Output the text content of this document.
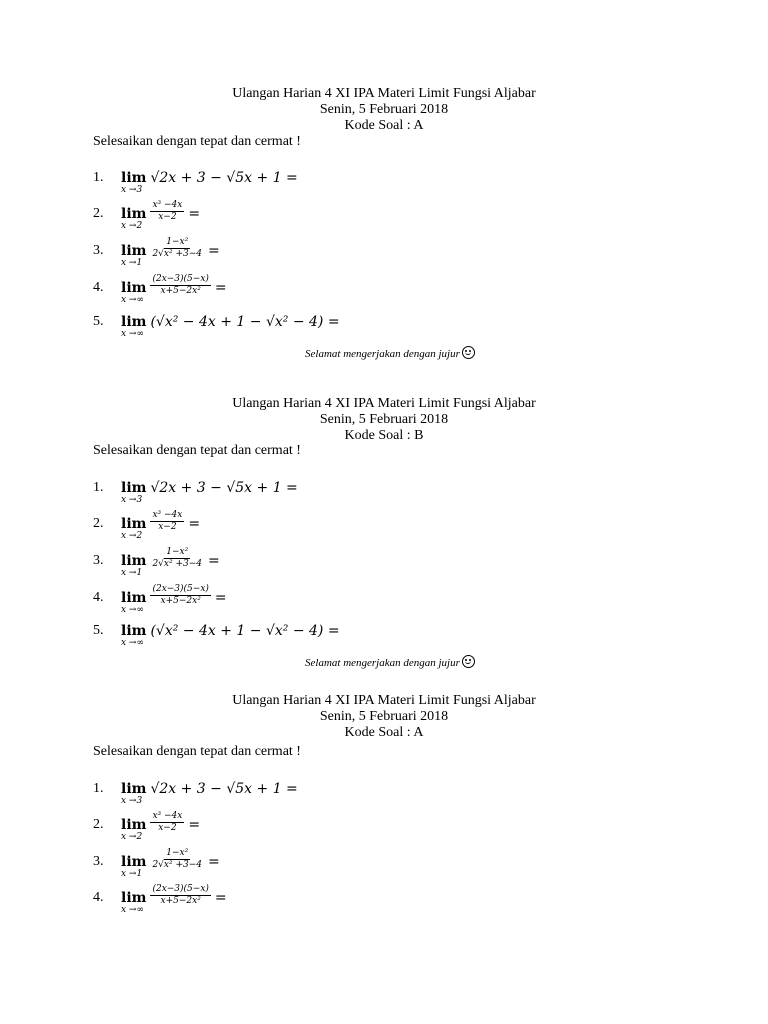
Ulangan Harian 4 XI IPA Materi Limit Fungsi Aljabar
Senin, 5 Februari 2018
Kode Soal : A
Selesaikan dengan tepat dan cermat !
1.	lim
x →3
√2x + 3 − √5x + 1 =
2.	lim
x →2
$\frac{\text{x³ −4x}}{x-2}$ =
3.	lim
x →1
$\frac{\text{1−x²}}{\text{2√x² +3−4}}$ =
4.	lim
x →∞
$\frac{(2x-3)(5-x)}{\text{x+5−2x²}}$ =
5.	lim
x →∞
(√x² − 4x + 1 − √x² − 4) =
Selamat mengerjakan dengan jujur
Ulangan Harian 4 XI IPA Materi Limit Fungsi Aljabar
Senin, 5 Februari 2018
Kode Soal : B
Selesaikan dengan tepat dan cermat !
1.	lim
x →3
√2x + 3 − √5x + 1 =
2.	lim
x →2
$\frac{\text{x³ −4x}}{x-2}$ =
3.	lim
x →1
$\frac{\text{1−x²}}{\text{2√x² +3−4}}$ =
4.	lim
x →∞
$\frac{(2x-3)(5-x)}{\text{x+5−2x²}}$ =
5.	lim
x →∞
(√x² − 4x + 1 − √x² − 4) =
Selamat mengerjakan dengan jujur
Ulangan Harian 4 XI IPA Materi Limit Fungsi Aljabar
Senin, 5 Februari 2018
Kode Soal : A
Selesaikan dengan tepat dan cermat !
1.	lim
x →3
√2x + 3 − √5x + 1 =
2.	lim
x →2
$\frac{\text{x³ −4x}}{x-2}$ =
3.	lim
x →1
$\frac{\text{1−x²}}{\text{2√x² +3−4}}$ =
4.	lim
x →∞
$\frac{(2x-3)(5-x)}{\text{x+5−2x²}}$ =
